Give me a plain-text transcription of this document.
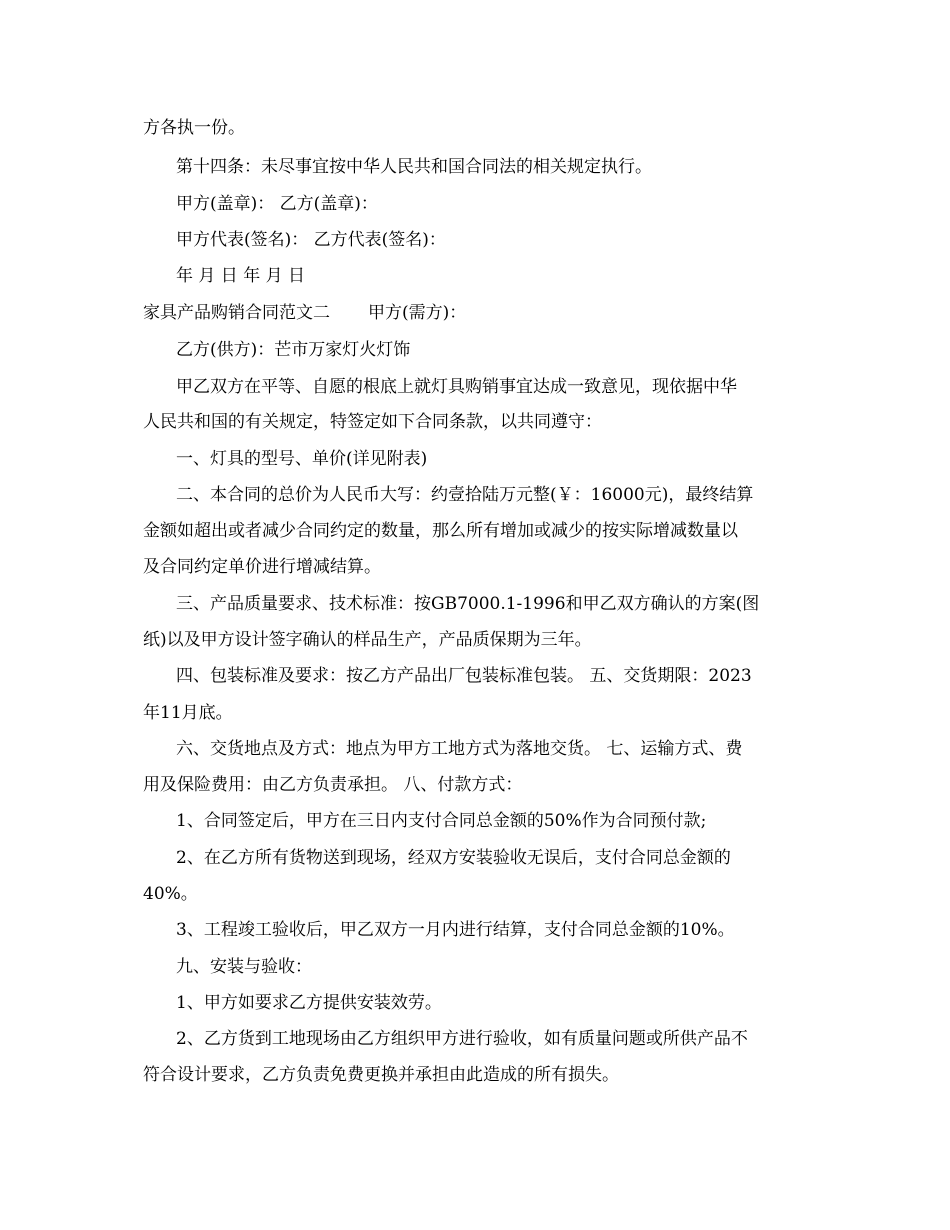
方各执一份。
第十四条：未尽事宜按中华人民共和国合同法的相关规定执行。
甲方(盖章)： 乙方(盖章)：
甲方代表(签名)： 乙方代表(签名)：
年 月 日 年 月 日
家具产品购销合同范文二 甲方(需方)：
乙方(供方)：芒市万家灯火灯饰
甲乙双方在平等、自愿的根底上就灯具购销事宜达成一致意见，现依据中华
人民共和国的有关规定，特签定如下合同条款，以共同遵守：
一、灯具的型号、单价(详见附表)
二、本合同的总价为人民币大写：约壹拾陆万元整(￥：16000元)，最终结算
金额如超出或者减少合同约定的数量，那么所有增加或减少的按实际增减数量以
及合同约定单价进行增减结算。
三、产品质量要求、技术标准：按GB7000.1-1996和甲乙双方确认的方案(图
纸)以及甲方设计签字确认的样品生产，产品质保期为三年。
四、包装标准及要求：按乙方产品出厂包装标准包装。 五、交货期限：2023
年11月底。
六、交货地点及方式：地点为甲方工地方式为落地交货。 七、运输方式、费
用及保险费用：由乙方负责承担。 八、付款方式：
1、合同签定后，甲方在三日内支付合同总金额的50%作为合同预付款;
2、在乙方所有货物送到现场，经双方安装验收无误后，支付合同总金额的
40%。
3、工程竣工验收后，甲乙双方一月内进行结算，支付合同总金额的10%。
九、安装与验收：
1、甲方如要求乙方提供安装效劳。
2、乙方货到工地现场由乙方组织甲方进行验收，如有质量问题或所供产品不
符合设计要求，乙方负责免费更换并承担由此造成的所有损失。
